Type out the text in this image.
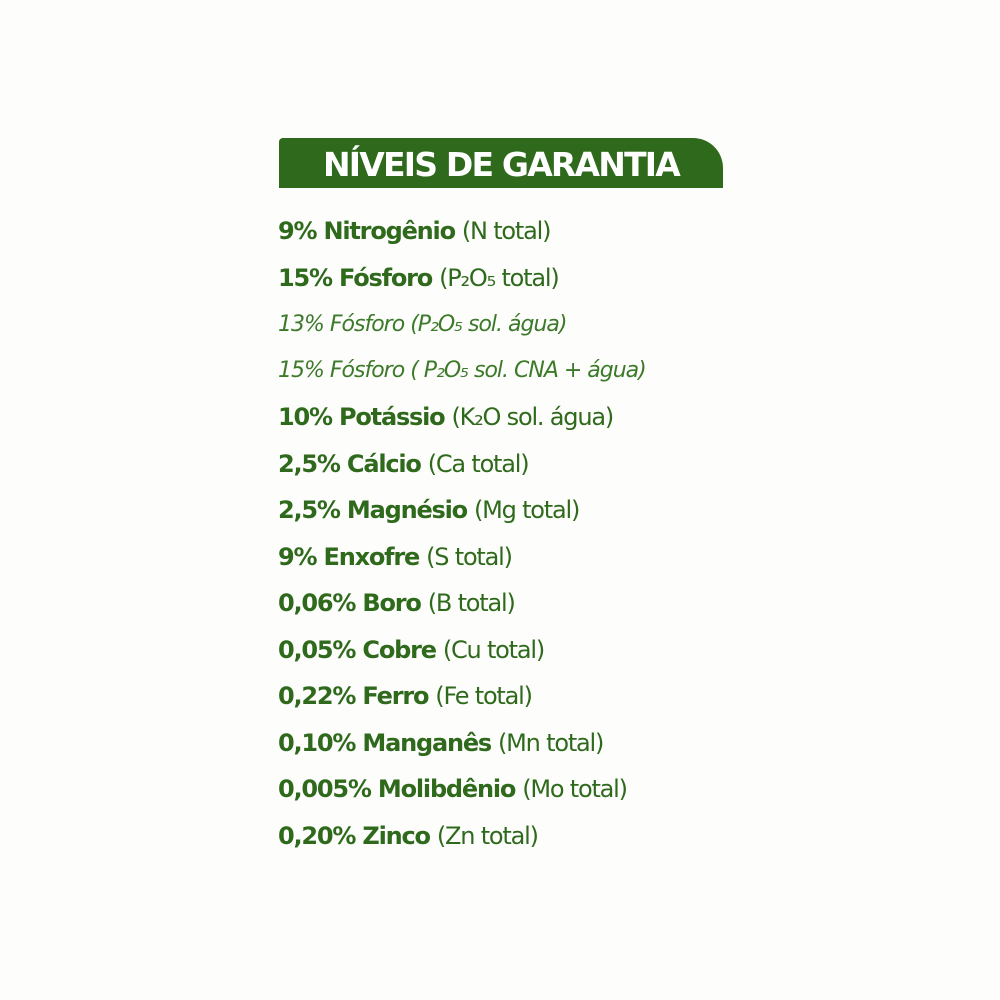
NÍVEIS DE GARANTIA
9% Nitrogênio (N total)
15% Fósforo (P₂O₅ total)
13% Fósforo (P₂O₅ sol. água)
15% Fósforo ( P₂O₅ sol. CNA + água)
10% Potássio (K₂O sol. água)
2,5% Cálcio (Ca total)
2,5% Magnésio (Mg total)
9% Enxofre (S total)
0,06% Boro (B total)
0,05% Cobre (Cu total)
0,22% Ferro (Fe total)
0,10% Manganês (Mn total)
0,005% Molibdênio (Mo total)
0,20% Zinco (Zn total)
